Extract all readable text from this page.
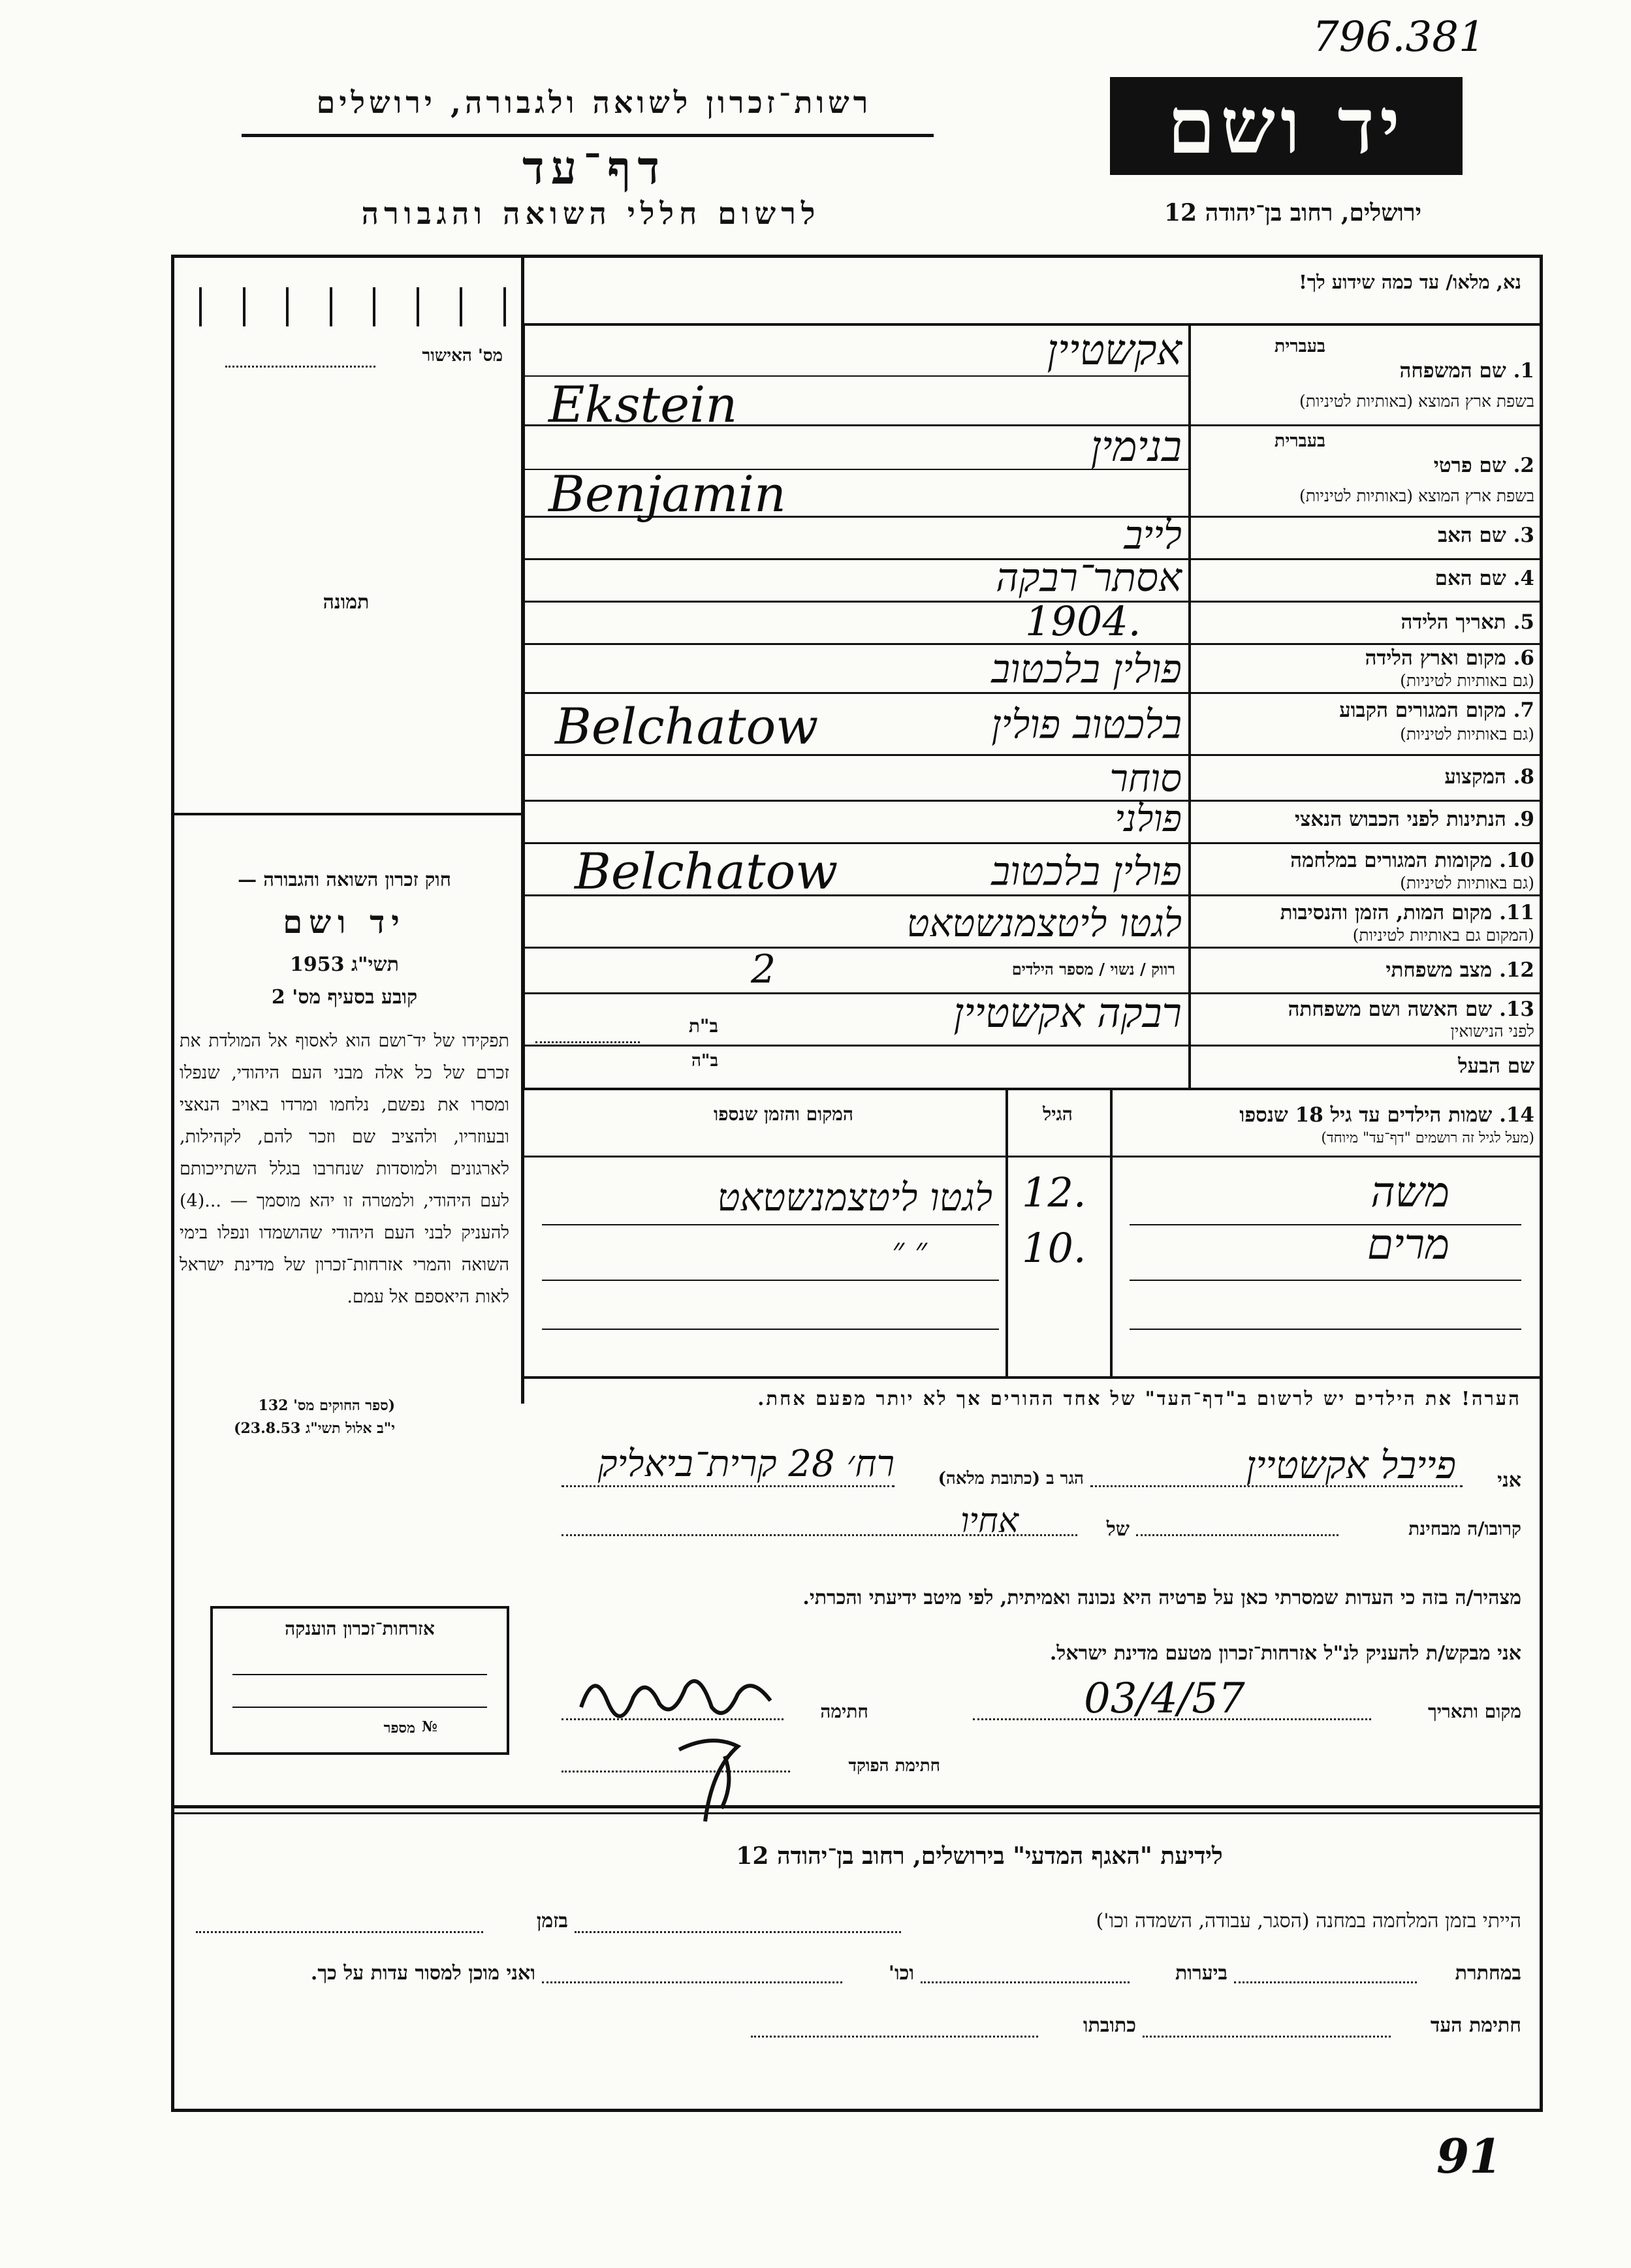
796.381
רשות־זכרון לשואה ולגבורה, ירושלים
דף־עד
לרשום חללי השואה והגבורה
יד ושם
ירושלים, רחוב בן־יהודה 12
מס' האישור
תמונה
חוק זכרון השואה והגבורה —
יד ושם
תשי"ג 1953
קובע בסעיף מס' 2
תפקידו של יד־ושם הוא לאסוף אל המולדת את זכרם של כל אלה מבני העם היהודי, שנפלו ומסרו את נפשם, נלחמו ומרדו באויב הנאצי ובעוזריו, ולהציב שם וזכר להם, לקהילות, לארגונים ולמוסדות שנחרבו בגלל השתייכותם לעם היהודי, ולמטרה זו יהא מוסמך — ...(4) להעניק לבני העם היהודי שהושמדו ונפלו בימי השואה והמרי אזרחות־זכרון של מדינת ישראל לאות היאספם אל עמם.
(ספר החוקים מס' 132
י"ב אלול תשי"ג 23.8.53)
נא, מלאו/ עד כמה שידוע לך!
בעברית
1. שם המשפחה
בשפת ארץ המוצא (באותיות לטיניות)
אקשטיין
Ekstein
בעברית
2. שם פרטי
בשפת ארץ המוצא (באותיות לטיניות)
בנימין
Benjamin
3. שם האב
לייב
4. שם האם
אסתר־רבקה
5. תאריך הלידה
1904.
6. מקום וארץ הלידה
(גם באותיות לטיניות)
פולין בלכטוב
7. מקום המגורים הקבוע
(גם באותיות לטיניות)
בלכטוב פולין
Belchatow
8. המקצוע
סוחר
9. הנתינות לפני הכבוש הנאצי
פולני
10. מקומות המגורים במלחמה
(גם באותיות לטיניות)
פולין בלכטוב
Belchatow
11. מקום המות, הזמן והנסיבות
(המקום גם באותיות לטיניות)
לגטו ליטצמנשטאט
12. מצב משפחתי
רווק / נשוי / מספר הילדים
2
13. שם האשה ושם משפחתה
לפני הנישואין
ב"ת	רבקה אקשטיין
שם הבעל
ב"ה
14. שמות הילדים עד גיל 18 שנספו
(מעל לגיל זה רושמים "דף־עד" מיוחד)
הגיל
המקום והזמן שנספו
משה
12.
לגטו ליטצמנשטאט
מרים
10.
״ ״
הערה! את הילדים יש לרשום ב"דף־העד" של אחד ההורים אך לא יותר מפעם אחת.
אני
פייבל אקשטיין
הגר ב (כתובת מלאה)
רח׳ 28 קרית־ביאליק
קרובו/ה מבחינת
של
אחיו
מצהיר/ה בזה כי העדות שמסרתי כאן על פרטיה היא נכונה ואמיתית, לפי מיטב ידיעתי והכרתי.
אני מבקש/ת להעניק לנ"ל אזרחות־זכרון מטעם מדינת ישראל.
מקום ותאריך
03/4/57
חתימה
חתימת הפוקד
אזרחות־זכרון הוענקה
מספר №
לידיעת "האגף המדעי" בירושלים, רחוב בן־יהודה 12
הייתי בזמן המלחמה במחנה (הסגר, עבודה, השמדה וכו')
בזמן
במחתרת
ביערות
וכו'
ואני מוכן למסור עדות על כך.
חתימת העד
כתובתו
91
